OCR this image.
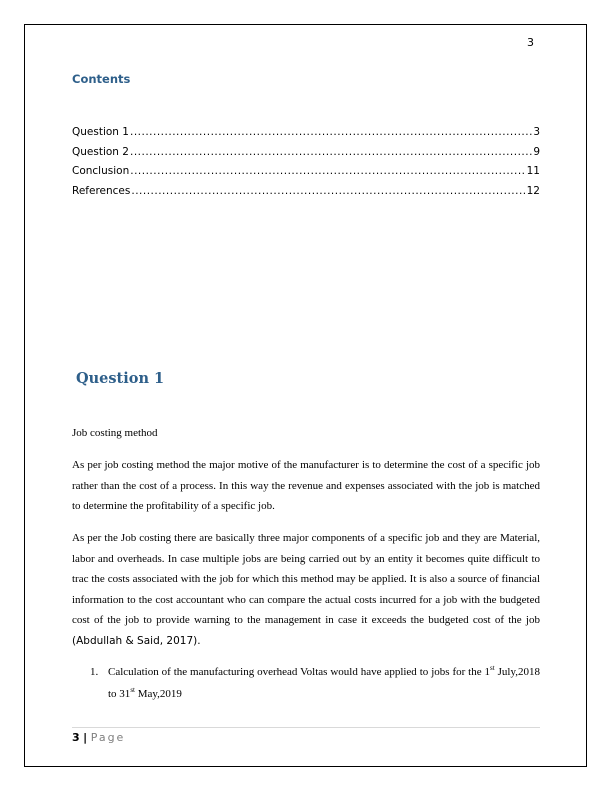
3
Contents
Question 1 .....	3
Question 2 .....	9
Conclusion .....	11
References .....	12
Question 1
Job costing method
As per job costing method the major motive of the manufacturer is to determine the cost of a specific job rather than the cost of a process. In this way the revenue and expenses associated with the job is matched to determine the profitability of a specific job.
As per the Job costing there are basically three major components of a specific job and they are Material, labor and overheads. In case multiple jobs are being carried out by an entity it becomes quite difficult to trac the costs associated with the job for which this method may be applied. It is also a source of financial information to the cost accountant who can compare the actual costs incurred for a job with the budgeted cost of the job to provide warning to the management in case it exceeds the budgeted cost of the job (Abdullah & Said, 2017).
1. Calculation of the manufacturing overhead Voltas would have applied to jobs for the 1st July,2018 to 31st May,2019
3 | Page
